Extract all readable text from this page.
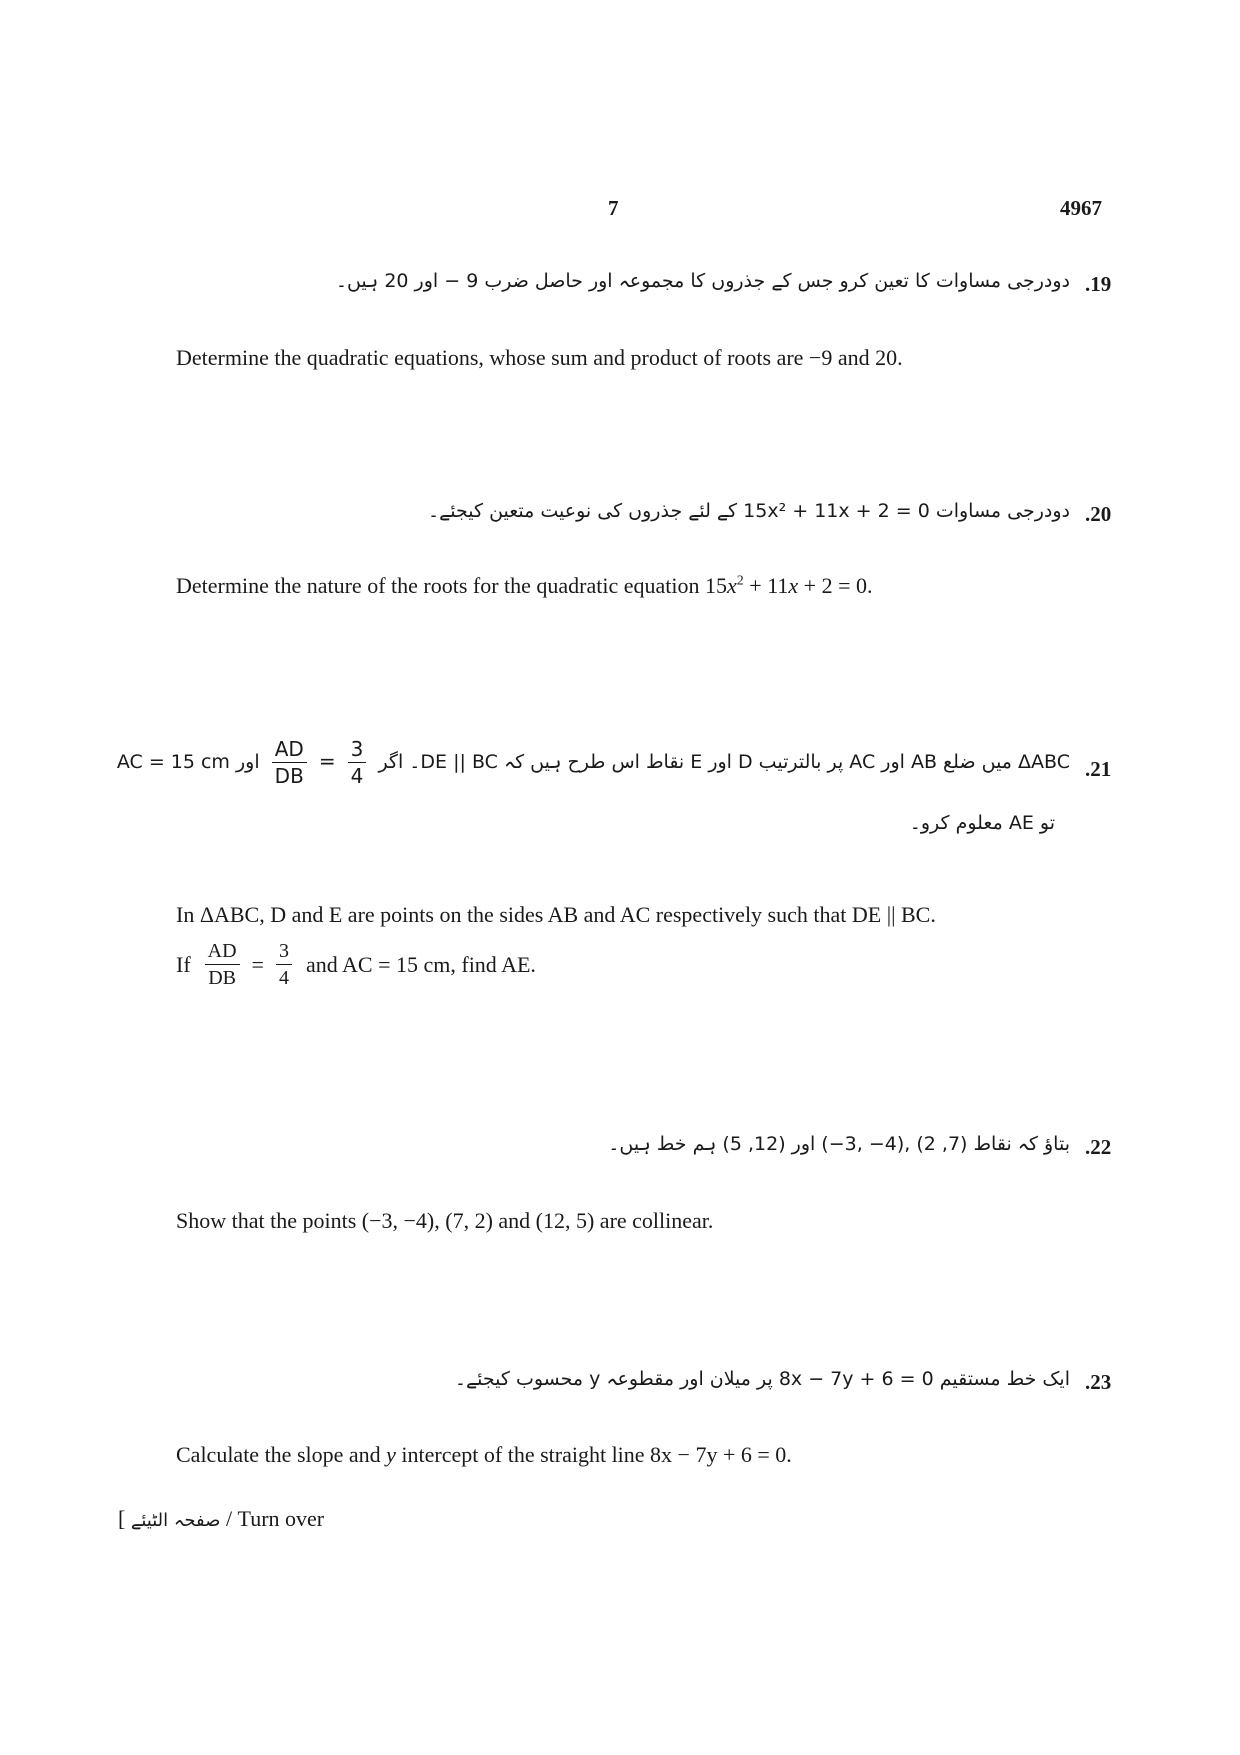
7	4967
.19
دودرجی مساوات کا تعین کرو جس کے جذروں کا مجموعہ اور حاصل ضرب 9 − اور 20 ہیں۔
Determine the quadratic equations, whose sum and product of roots are −9 and 20.
.20
دودرجی مساوات 15x² + 11x + 2 = 0 کے لئے جذروں کی نوعیت متعین کیجئے۔
Determine the nature of the roots for the quadratic equation $15x^2 + 11x + 2 = 0$.
.21
ΔABC میں ضلع AB اور AC پر بالترتیب D اور E نقاط اس طرح ہیں کہ DE || BC۔ اگر
$\frac{3}{4}$
=
$\frac{AD}{DB}$
اور AC = 15 cm
تو AE معلوم کرو۔
In ΔABC, D and E are points on the sides AB and AC respectively such that DE || BC.
If $\frac{AD}{DB} = \frac{3}{4}$ and AC = 15 cm, find AE.
.22
بتاؤ کہ نقاط (7, 2) ,(4− ,3−) اور (12, 5) ہم خط ہیں۔
Show that the points (−3, −4), (7, 2) and (12, 5) are collinear.
.23
ایک خط مستقیم 8x − 7y + 6 = 0 پر میلان اور مقطوعہ y محسوب کیجئے۔
Calculate the slope and y intercept of the straight line 8x − 7y + 6 = 0.
[ صفحہ الٹیئے / Turn over
